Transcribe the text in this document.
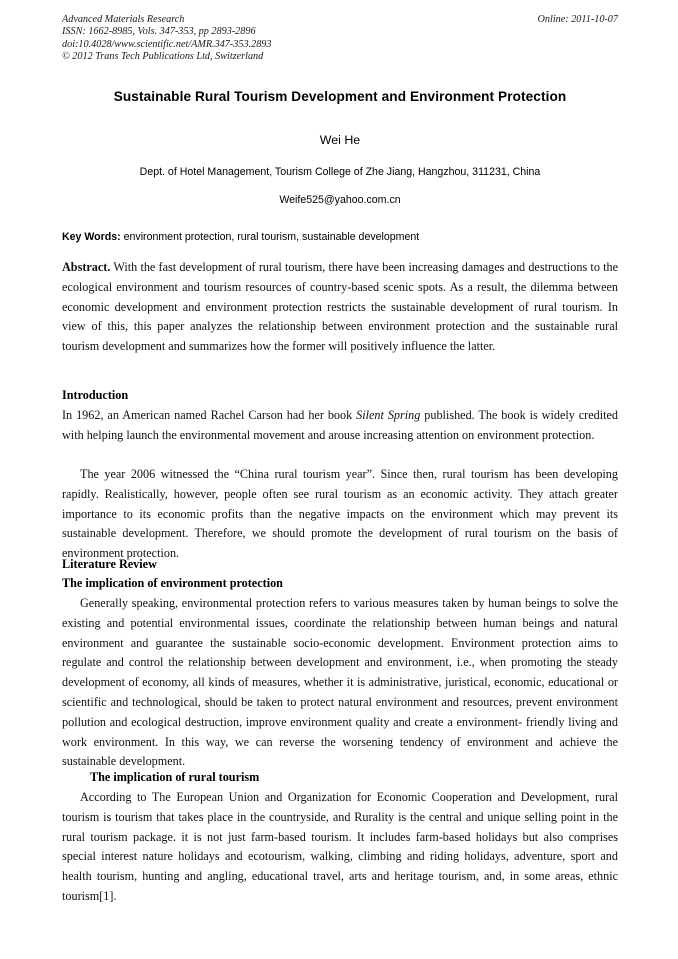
Advanced Materials Research	Online: 2011-10-07
ISSN: 1662-8985, Vols. 347-353, pp 2893-2896
doi:10.4028/www.scientific.net/AMR.347-353.2893
© 2012 Trans Tech Publications Ltd, Switzerland
Sustainable Rural Tourism Development and Environment Protection
Wei He
Dept. of Hotel Management, Tourism College of Zhe Jiang, Hangzhou, 311231, China
Weife525@yahoo.com.cn
Key Words: environment protection, rural tourism, sustainable development
Abstract. With the fast development of rural tourism, there have been increasing damages and destructions to the ecological environment and tourism resources of country-based scenic spots. As a result, the dilemma between economic development and environment protection restricts the sustainable development of rural tourism. In view of this, this paper analyzes the relationship between environment protection and the sustainable rural tourism development and summarizes how the former will positively influence the latter.
Introduction
In 1962, an American named Rachel Carson had her book Silent Spring published. The book is widely credited with helping launch the environmental movement and arouse increasing attention on environment protection.
The year 2006 witnessed the “China rural tourism year”. Since then, rural tourism has been developing rapidly. Realistically, however, people often see rural tourism as an economic activity. They attach greater importance to its economic profits than the negative impacts on the environment which may prevent its sustainable development. Therefore, we should promote the development of rural tourism on the basis of environment protection.
Literature Review
The implication of environment protection
Generally speaking, environmental protection refers to various measures taken by human beings to solve the existing and potential environmental issues, coordinate the relationship between human beings and natural environment and guarantee the sustainable socio-economic development. Environment protection aims to regulate and control the relationship between development and environment, i.e., when promoting the steady development of economy, all kinds of measures, whether it is administrative, juristical, economic, educational or scientific and technological, should be taken to protect natural environment and resources, prevent environment pollution and ecological destruction, improve environment quality and create a environment- friendly living and work environment. In this way, we can reverse the worsening tendency of environment and achieve the sustainable development.
The implication of rural tourism
According to The European Union and Organization for Economic Cooperation and Development, rural tourism is tourism that takes place in the countryside, and Rurality is the central and unique selling point in the rural tourism package. it is not just farm-based tourism. It includes farm-based holidays but also comprises special interest nature holidays and ecotourism, walking, climbing and riding holidays, adventure, sport and health tourism, hunting and angling, educational travel, arts and heritage tourism, and, in some areas, ethnic tourism[1].
